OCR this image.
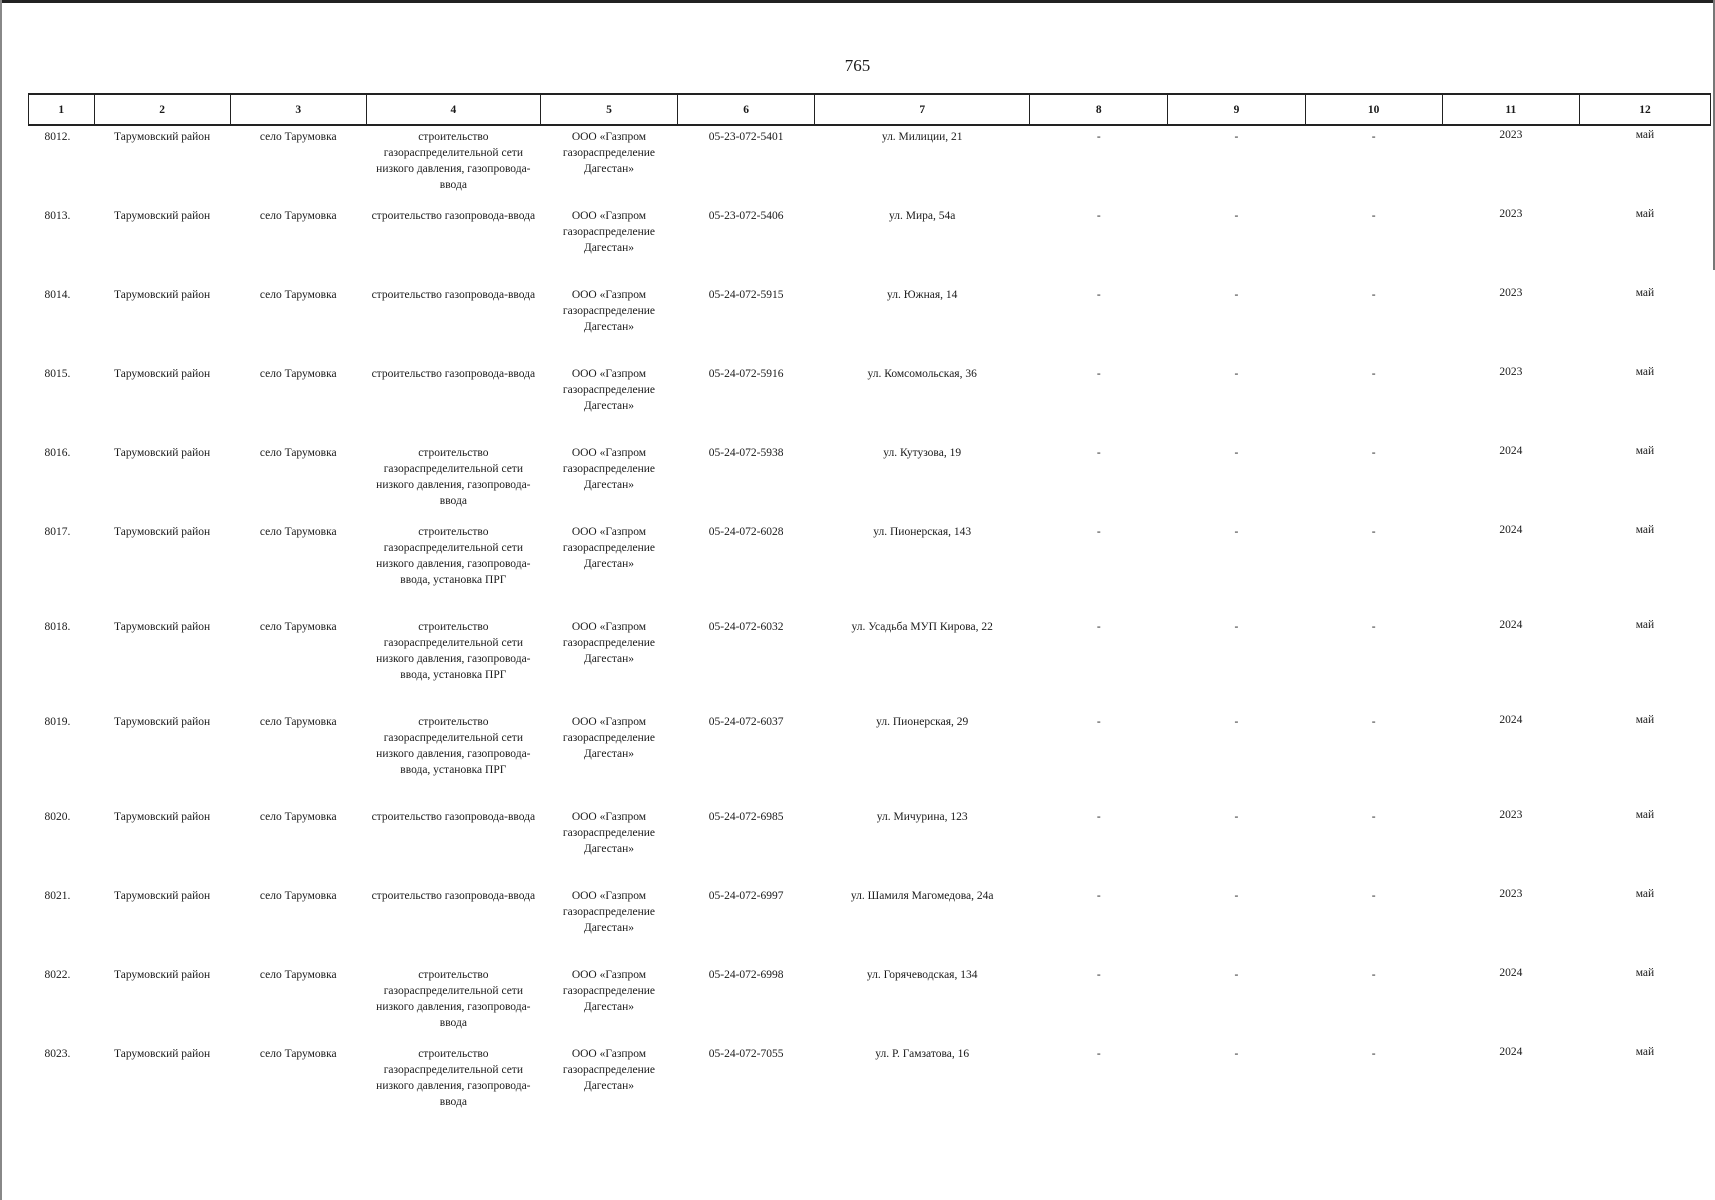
765
1	2	3	4	5	6	7	8	9	10	11	12
8012.	Тарумовский район	село Тарумовка	строительство газораспределительной сети низкого давления, газопровода-ввода	ООО «Газпром газораспределение Дагестан»	05-23-072-5401	ул. Милиции, 21	-	-	-	2023	май
8013.	Тарумовский район	село Тарумовка	строительство газопровода-ввода	ООО «Газпром газораспределение Дагестан»	05-23-072-5406	ул. Мира, 54а	-	-	-	2023	май
8014.	Тарумовский район	село Тарумовка	строительство газопровода-ввода	ООО «Газпром газораспределение Дагестан»	05-24-072-5915	ул. Южная, 14	-	-	-	2023	май
8015.	Тарумовский район	село Тарумовка	строительство газопровода-ввода	ООО «Газпром газораспределение Дагестан»	05-24-072-5916	ул. Комсомольская, 36	-	-	-	2023	май
8016.	Тарумовский район	село Тарумовка	строительство газораспределительной сети низкого давления, газопровода-ввода	ООО «Газпром газораспределение Дагестан»	05-24-072-5938	ул. Кутузова, 19	-	-	-	2024	май
8017.	Тарумовский район	село Тарумовка	строительство газораспределительной сети низкого давления, газопровода-ввода, установка ПРГ	ООО «Газпром газораспределение Дагестан»	05-24-072-6028	ул. Пионерская, 143	-	-	-	2024	май
8018.	Тарумовский район	село Тарумовка	строительство газораспределительной сети низкого давления, газопровода-ввода, установка ПРГ	ООО «Газпром газораспределение Дагестан»	05-24-072-6032	ул. Усадьба МУП Кирова, 22	-	-	-	2024	май
8019.	Тарумовский район	село Тарумовка	строительство газораспределительной сети низкого давления, газопровода-ввода, установка ПРГ	ООО «Газпром газораспределение Дагестан»	05-24-072-6037	ул. Пионерская, 29	-	-	-	2024	май
8020.	Тарумовский район	село Тарумовка	строительство газопровода-ввода	ООО «Газпром газораспределение Дагестан»	05-24-072-6985	ул. Мичурина, 123	-	-	-	2023	май
8021.	Тарумовский район	село Тарумовка	строительство газопровода-ввода	ООО «Газпром газораспределение Дагестан»	05-24-072-6997	ул. Шамиля Магомедова, 24а	-	-	-	2023	май
8022.	Тарумовский район	село Тарумовка	строительство газораспределительной сети низкого давления, газопровода-ввода	ООО «Газпром газораспределение Дагестан»	05-24-072-6998	ул. Горячеводская, 134	-	-	-	2024	май
8023.	Тарумовский район	село Тарумовка	строительство газораспределительной сети низкого давления, газопровода-ввода	ООО «Газпром газораспределение Дагестан»	05-24-072-7055	ул. Р. Гамзатова, 16	-	-	-	2024	май
